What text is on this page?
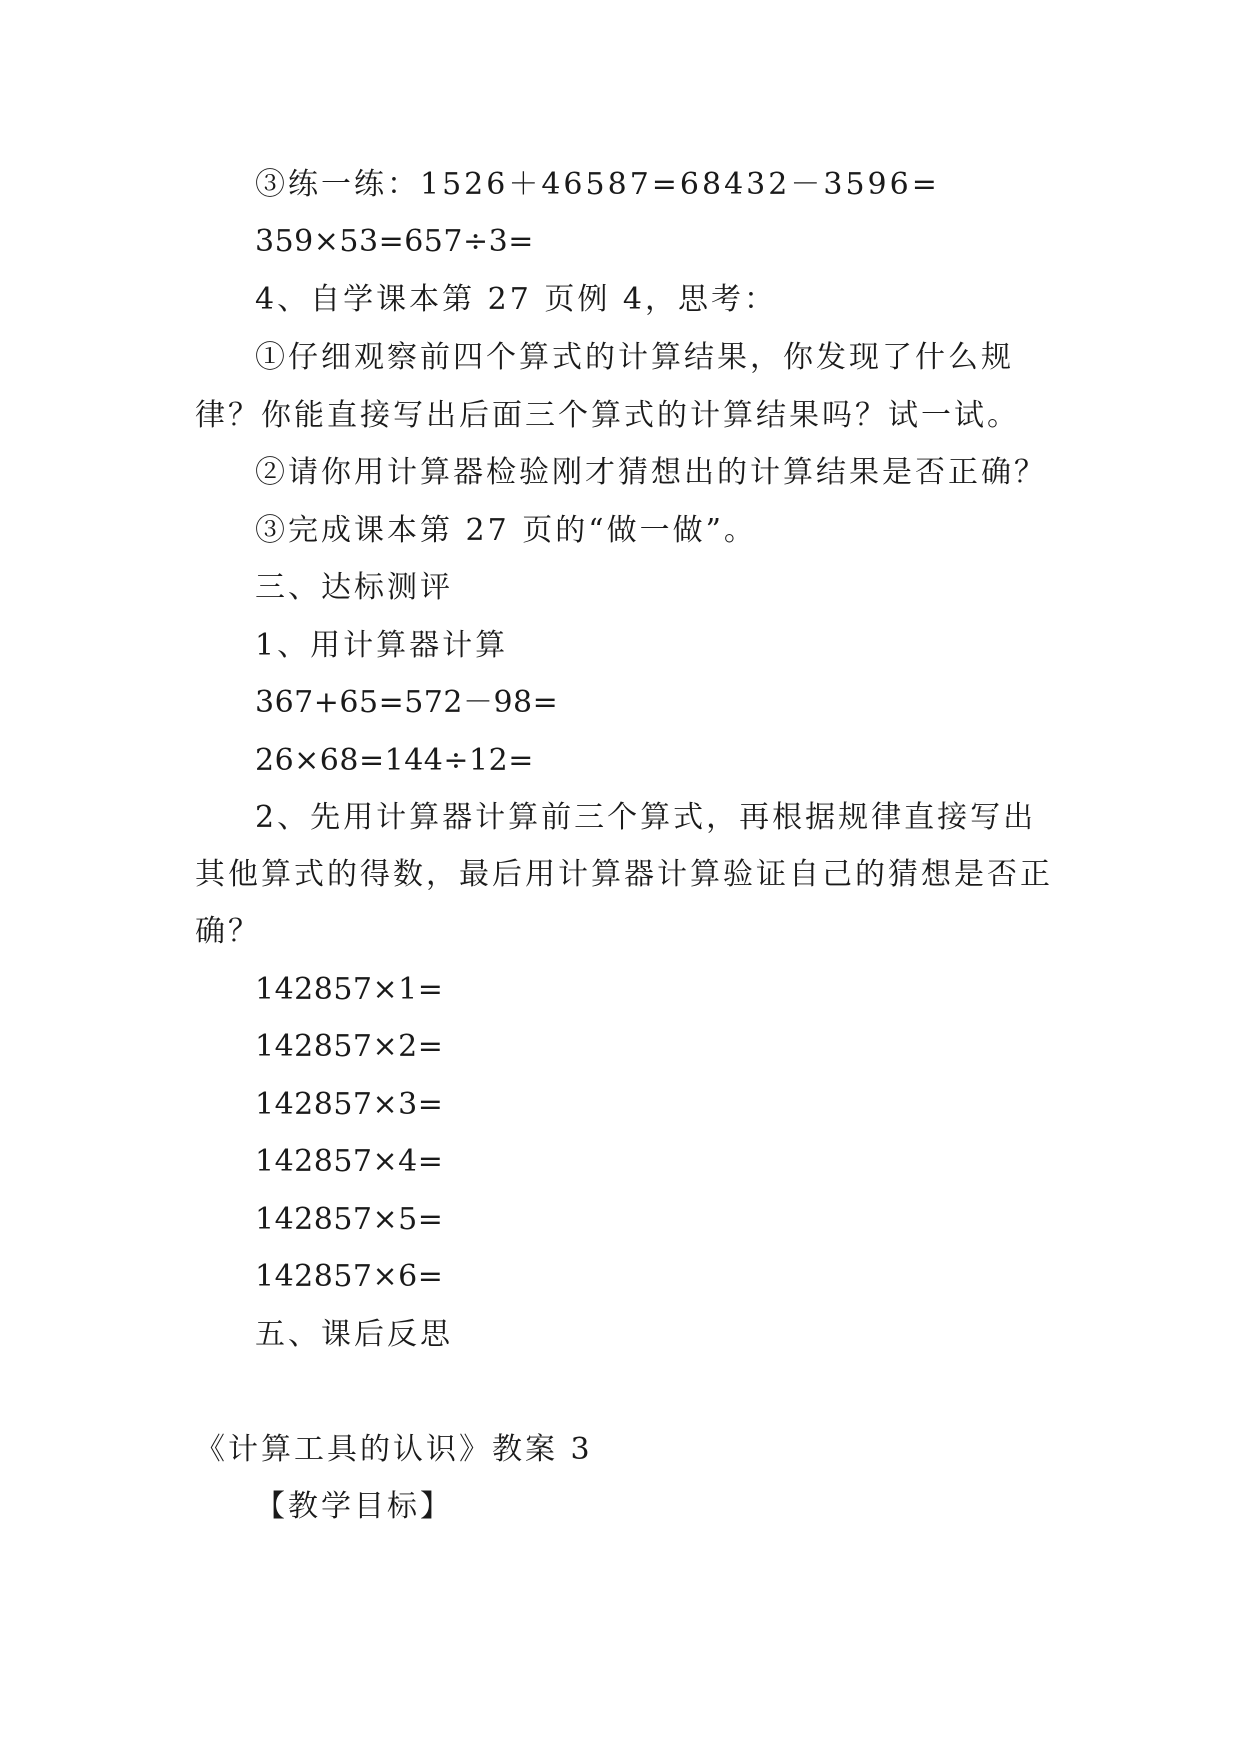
③练一练：1526＋46587=68432－3596=
359×53=657÷3=
4、自学课本第 27 页例 4，思考：
①仔细观察前四个算式的计算结果，你发现了什么规
律？你能直接写出后面三个算式的计算结果吗？试一试。
②请你用计算器检验刚才猜想出的计算结果是否正确？
③完成课本第 27 页的“做一做”。
三、达标测评
1、用计算器计算
367+65=572－98=
26×68=144÷12=
2、先用计算器计算前三个算式，再根据规律直接写出
其他算式的得数，最后用计算器计算验证自己的猜想是否正
确？
142857×1=
142857×2=
142857×3=
142857×4=
142857×5=
142857×6=
五、课后反思
《计算工具的认识》教案 3
【教学目标】
